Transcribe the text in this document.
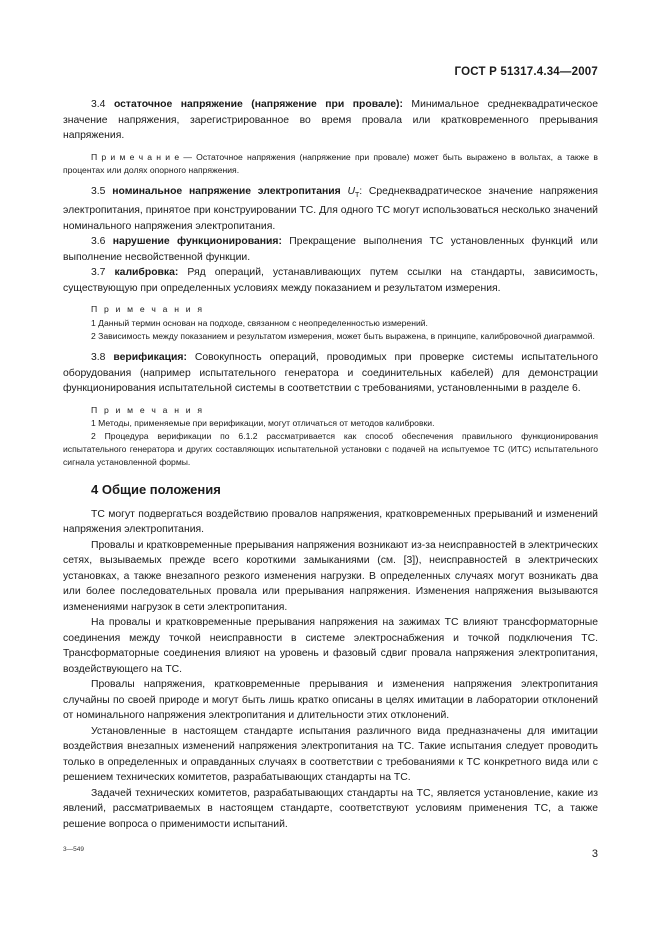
ГОСТ Р 51317.4.34—2007

3.4 остаточное напряжение (напряжение при провале): Минимальное среднеквадратическое значение напряжения, зарегистрированное во время провала или кратковременного прерывания напряжения.

П р и м е ч а н и е — Остаточное напряжения (напряжение при провале) может быть выражено в вольтах, а также в процентах или долях опорного напряжения.

3.5 номинальное напряжение электропитания $U_T$: Среднеквадратическое значение напряжения электропитания, принятое при конструировании ТС. Для одного ТС могут использоваться несколько значений номинального напряжения электропитания.

3.6 нарушение функционирования: Прекращение выполнения ТС установленных функций или выполнение несвойственной функции.

3.7 калибровка: Ряд операций, устанавливающих путем ссылки на стандарты, зависимость, существующую при определенных условиях между показанием и результатом измерения.

П р и м е ч а н и я

1 Данный термин основан на подходе, связанном с неопределенностью измерений.

2 Зависимость между показанием и результатом измерения, может быть выражена, в принципе, калибровочной диаграммой.

3.8 верификация: Совокупность операций, проводимых при проверке системы испытательного оборудования (например испытательного генератора и соединительных кабелей) для демонстрации функционирования испытательной системы в соответствии с требованиями, установленными в разделе 6.

П р и м е ч а н и я

1 Методы, применяемые при верификации, могут отличаться от методов калибровки.

2 Процедура верификации по 6.1.2 рассматривается как способ обеспечения правильного функционирования испытательного генератора и других составляющих испытательной установки с подачей на испытуемое ТС (ИТС) испытательного сигнала установленной формы.

4 Общие положения

ТС могут подвергаться воздействию провалов напряжения, кратковременных прерываний и изменений напряжения электропитания.

Провалы и кратковременные прерывания напряжения возникают из-за неисправностей в электрических сетях, вызываемых прежде всего короткими замыканиями (см. [3]), неисправностей в электрических установках, а также внезапного резкого изменения нагрузки. В определенных случаях могут возникать два или более последовательных провала или прерывания напряжения. Изменения напряжения вызываются изменениями нагрузок в сети электропитания.

На провалы и кратковременные прерывания напряжения на зажимах ТС влияют трансформаторные соединения между точкой неисправности в системе электроснабжения и точкой подключения ТС. Трансформаторные соединения влияют на уровень и фазовый сдвиг провала напряжения электропитания, воздействующего на ТС.

Провалы напряжения, кратковременные прерывания и изменения напряжения электропитания случайны по своей природе и могут быть лишь кратко описаны в целях имитации в лаборатории отклонений от номинального напряжения электропитания и длительности этих отклонений.

Установленные в настоящем стандарте испытания различного вида предназначены для имитации воздействия внезапных изменений напряжения электропитания на ТС. Такие испытания следует проводить только в определенных и оправданных случаях в соответствии с требованиями к ТС конкретного вида или с решением технических комитетов, разрабатывающих стандарты на ТС.

Задачей технических комитетов, разрабатывающих стандарты на ТС, является установление, какие из явлений, рассматриваемых в настоящем стандарте, соответствуют условиям применения ТС, а также решение вопроса о применимости испытаний.

3—549	3
